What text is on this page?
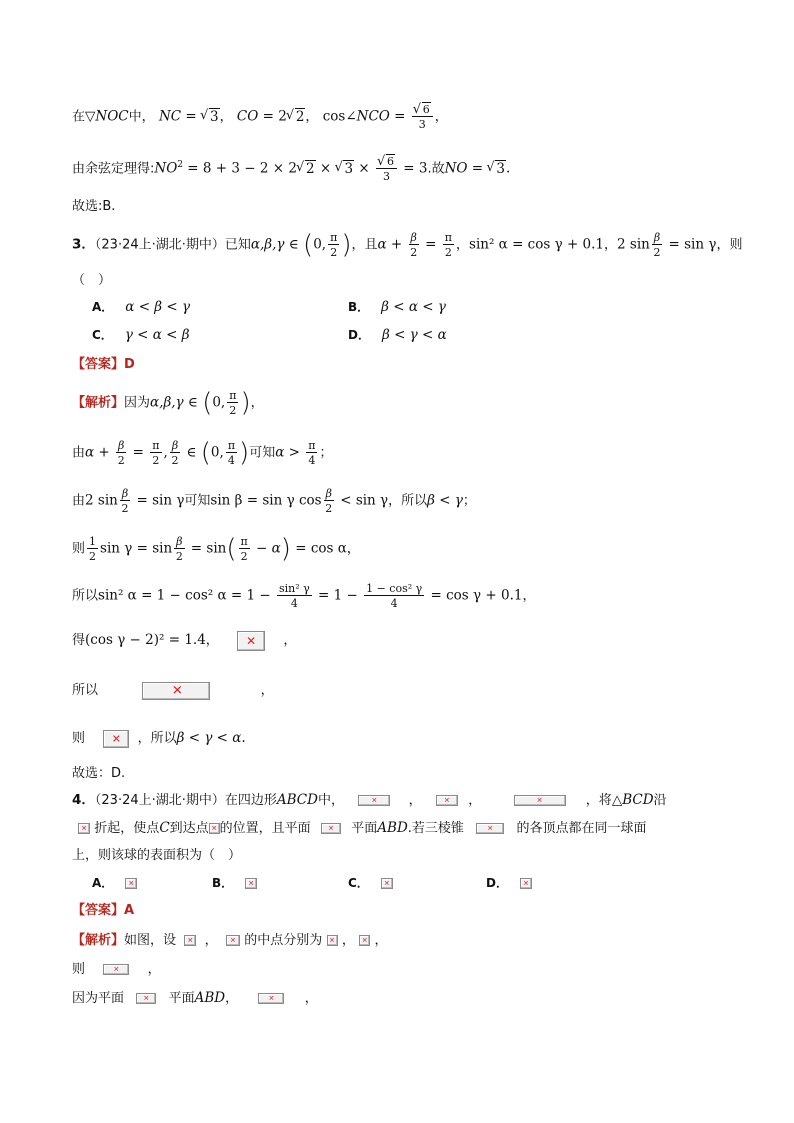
在▽NOC中， NC = √ 3， CO = 2√ 2， cos∠NCO =
√ $\frac{6}{3}$ ，
由余弦定理得$:NO^2 = 8 + 3 - 2 \times 2√$ 2 × √ 3 ×
√ $\frac{6}{3} = 3$.故NO = √ 3.
故选:B.
3．（23·24上·湖北·期中）已知α,β,γ ∈ (0, $\frac{\pi}{2}$ )，且$\alpha + \frac{\beta}{2} = \frac{\pi}{2}$ ，sin² α = cos γ + 0.1，2 $\sin \frac{\beta}{2} = \sin \gamma$，则
（　）
A． α < β < γ	B． β < α < γ
C． γ < α < β	D． β < γ < α
【答案】D
【解析】因为α,β,γ ∈ (0, $\frac{\pi}{2}$ )，
由$\alpha + \frac{\beta}{2} = \frac{\pi}{2}$ , $\frac{\beta}{2}$ ∈ (0, $\frac{\pi}{4}$ )可知$\alpha > \frac{\pi}{4}$ ；
由2 $\sin \frac{\beta}{2} = \sin \gamma$可知sin β = sin γ $\cos \frac{\beta}{2} < \sin \gamma$，所以β < γ；
则 $\frac{1}{2}$ $\sin \gamma = \sin \frac{\beta}{2} = \sin( \frac{\pi}{2} - \alpha) = \cos \alpha$，
所以sin² α = 1 − cos² $\alpha = 1 - \frac{\text{sin² γ}}{4} = 1 - \frac{\text{1 − cos² γ}}{4} = \cos \gamma + 0.1$，
得(cos γ − 2)² = 1.4， ✕ ，
所以	✕	，
则 ✕ ，所以β < γ < α.
故选：D.
4．（23·24上·湖北·期中）在四边形ABCD中，	✕ ，	✕ ，	✕	，将△BCD沿
✕ 折起，使点C到达点 ✕ 的位置，且平面 ✕ 平面ABD.若三棱锥	✕ 的各顶点都在同一球面
上，则该球的表面积为（　）
A． ✕	B． ✕	C． ✕	D． ✕
【答案】A
【解析】如图，设 ✕ ， ✕ 的中点分别为 ✕ ， ✕ ，
则	✕ ，
因为平面	✕ 平面ABD，	✕ ，
